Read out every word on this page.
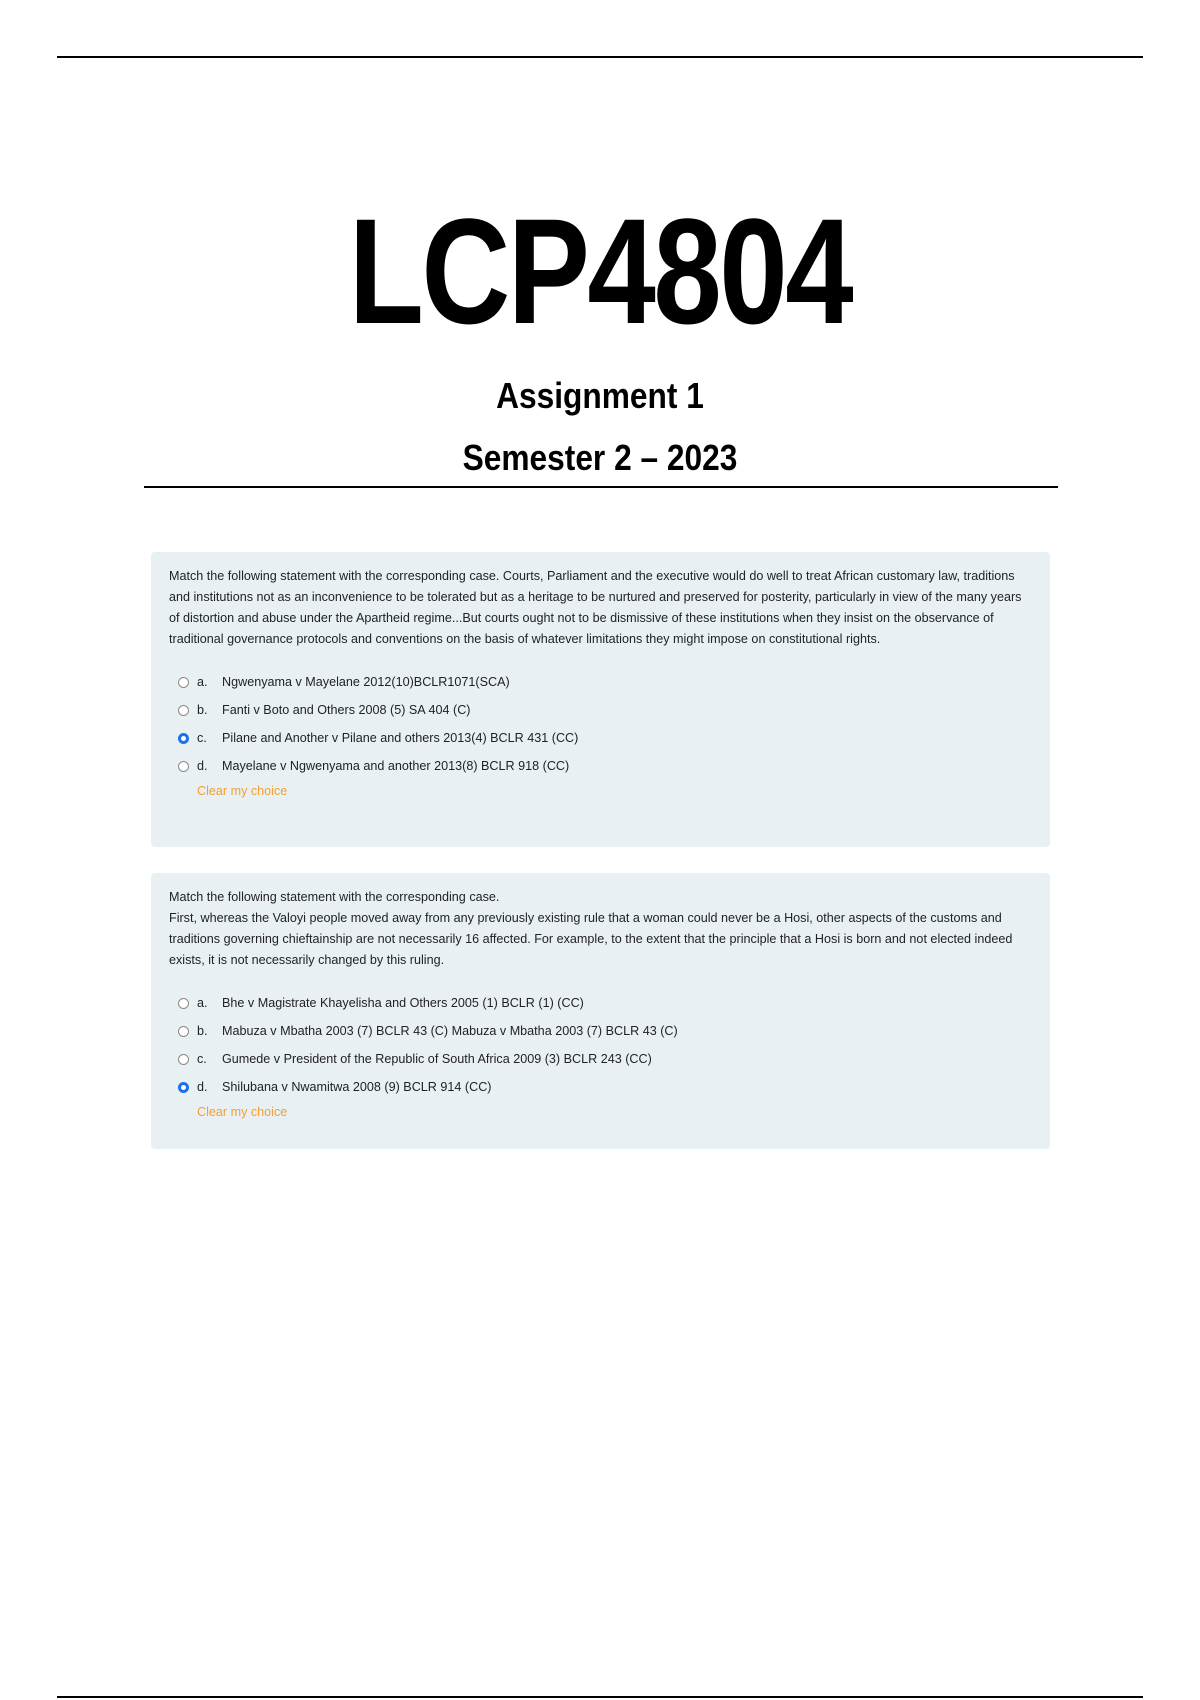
LCP4804
Assignment 1
Semester 2 – 2023

Match the following statement with the corresponding case. Courts, Parliament and the executive would do well to treat African customary law, traditions and institutions not as an inconvenience to be tolerated but as a heritage to be nurtured and preserved for posterity, particularly in view of the many years of distortion and abuse under the Apartheid regime...But courts ought not to be dismissive of these institutions when they insist on the observance of traditional governance protocols and conventions on the basis of whatever limitations they might impose on constitutional rights.

a.	Ngwenyama v Mayelane 2012(10)BCLR1071(SCA)
b.	Fanti v Boto and Others 2008 (5) SA 404 (C)
c.	Pilane and Another v Pilane and others 2013(4) BCLR 431 (CC)
d.	Mayelane v Ngwenyama and another 2013(8) BCLR 918 (CC)
Clear my choice

Match the following statement with the corresponding case.

First, whereas the Valoyi people moved away from any previously existing rule that a woman could never be a Hosi, other aspects of the customs and traditions governing chieftainship are not necessarily 16 affected. For example, to the extent that the principle that a Hosi is born and not elected indeed exists, it is not necessarily changed by this ruling.

a.	Bhe v Magistrate Khayelisha and Others 2005 (1) BCLR (1) (CC)
b.	Mabuza v Mbatha 2003 (7) BCLR 43 (C) Mabuza v Mbatha 2003 (7) BCLR 43 (C)
c.	Gumede v President of the Republic of South Africa 2009 (3) BCLR 243 (CC)
d.	Shilubana v Nwamitwa 2008 (9) BCLR 914 (CC)
Clear my choice
